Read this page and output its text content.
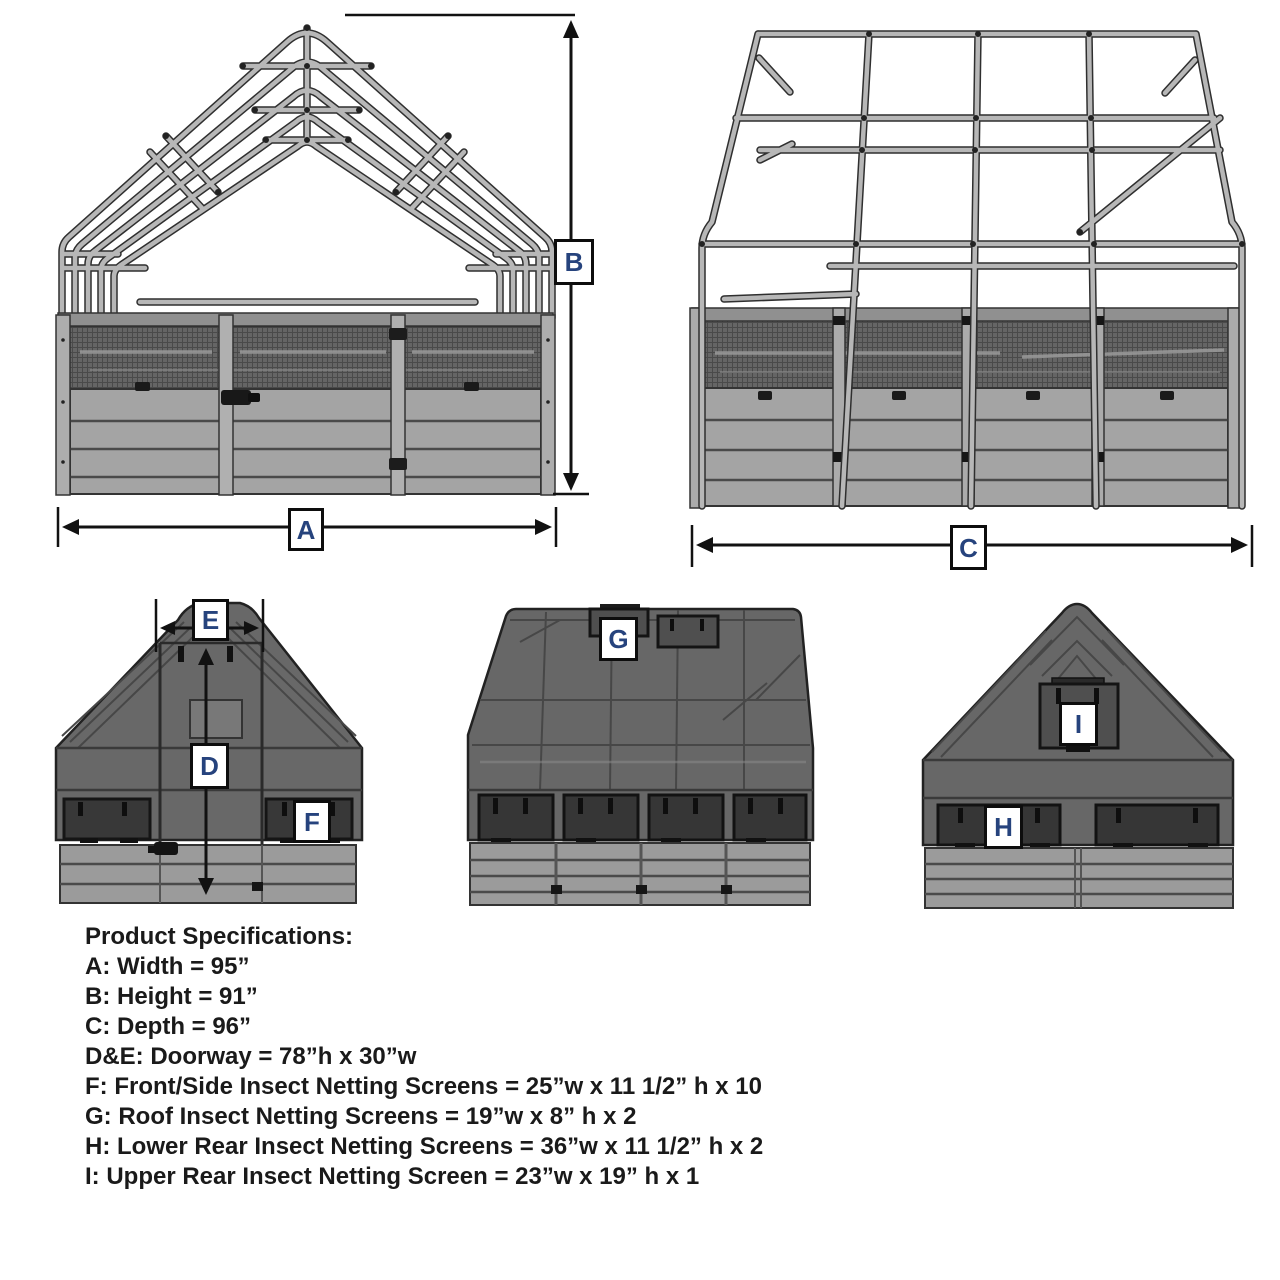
A
B
C
E
D
F
G
I
H
Product Specifications:
A: Width = 95”
B: Height = 91”
C: Depth = 96”
D&E: Doorway = 78”h x 30”w
F: Front/Side Insect Netting Screens = 25”w x 11 1/2” h x 10
G: Roof Insect Netting Screens = 19”w x 8” h x 2
H: Lower Rear Insect Netting Screens = 36”w x 11 1/2” h x 2
I: Upper Rear Insect Netting Screen = 23”w x 19” h x 1
